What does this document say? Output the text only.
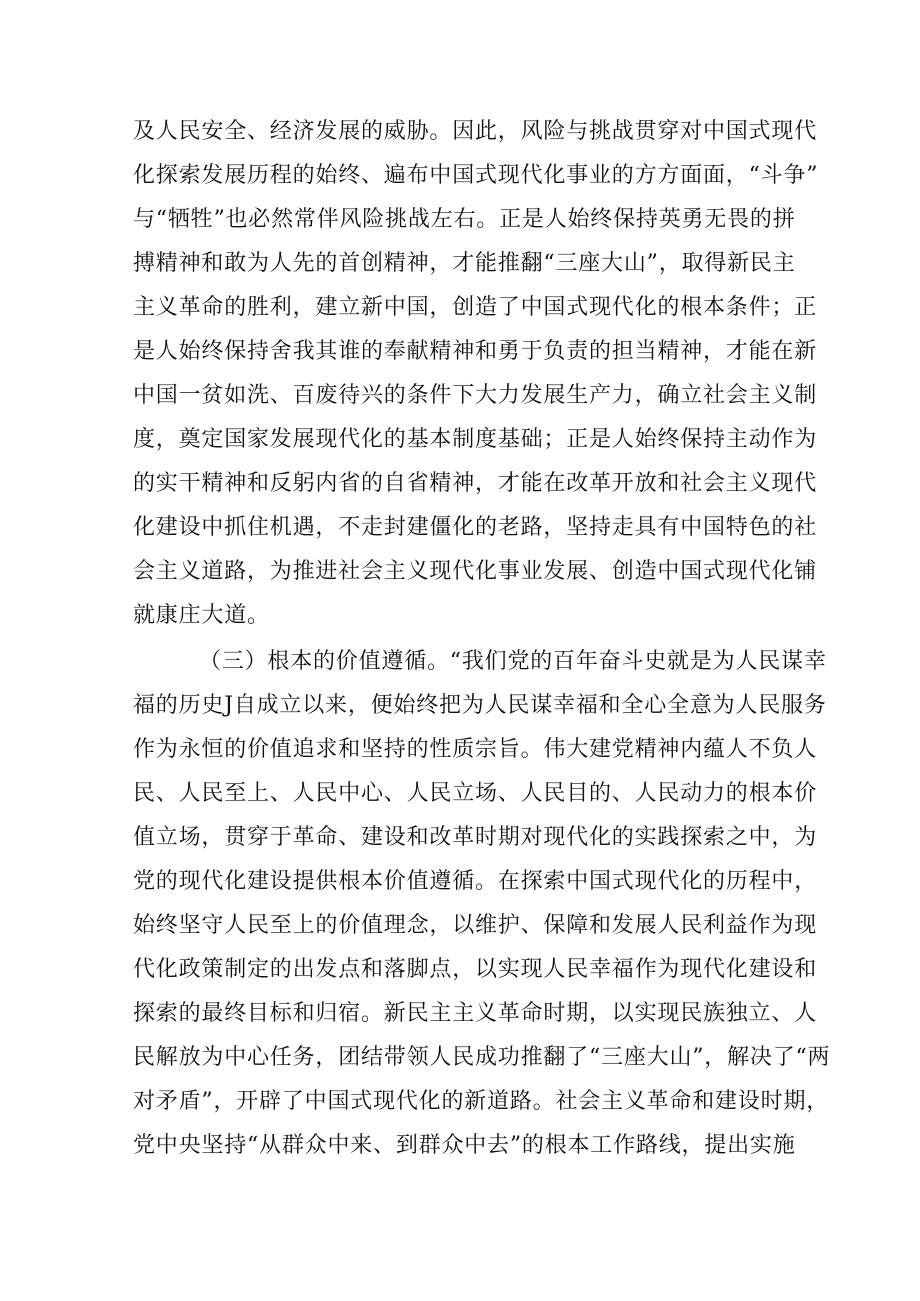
及人民安全、经济发展的威胁。因此，风险与挑战贯穿对中国式现代
化探索发展历程的始终、遍布中国式现代化事业的方方面面，“斗争”
与“牺牲”也必然常伴风险挑战左右。正是人始终保持英勇无畏的拼
搏精神和敢为人先的首创精神，才能推翻“三座大山”，取得新民主
主义革命的胜利，建立新中国，创造了中国式现代化的根本条件；正
是人始终保持舍我其谁的奉献精神和勇于负责的担当精神，才能在新
中国一贫如洗、百废待兴的条件下大力发展生产力，确立社会主义制
度，奠定国家发展现代化的基本制度基础；正是人始终保持主动作为
的实干精神和反躬内省的自省精神，才能在改革开放和社会主义现代
化建设中抓住机遇，不走封建僵化的老路，坚持走具有中国特色的社
会主义道路，为推进社会主义现代化事业发展、创造中国式现代化铺
就康庄大道。
（三）根本的价值遵循。“我们党的百年奋斗史就是为人民谋幸
福的历史J自成立以来，便始终把为人民谋幸福和全心全意为人民服务
作为永恒的价值追求和坚持的性质宗旨。伟大建党精神内蕴人不负人
民、人民至上、人民中心、人民立场、人民目的、人民动力的根本价
值立场，贯穿于革命、建设和改革时期对现代化的实践探索之中，为
党的现代化建设提供根本价值遵循。在探索中国式现代化的历程中，
始终坚守人民至上的价值理念，以维护、保障和发展人民利益作为现
代化政策制定的出发点和落脚点，以实现人民幸福作为现代化建设和
探索的最终目标和归宿。新民主主义革命时期，以实现民族独立、人
民解放为中心任务，团结带领人民成功推翻了“三座大山”，解决了“两
对矛盾”，开辟了中国式现代化的新道路。社会主义革命和建设时期，
党中央坚持“从群众中来、到群众中去”的根本工作路线，提出实施
